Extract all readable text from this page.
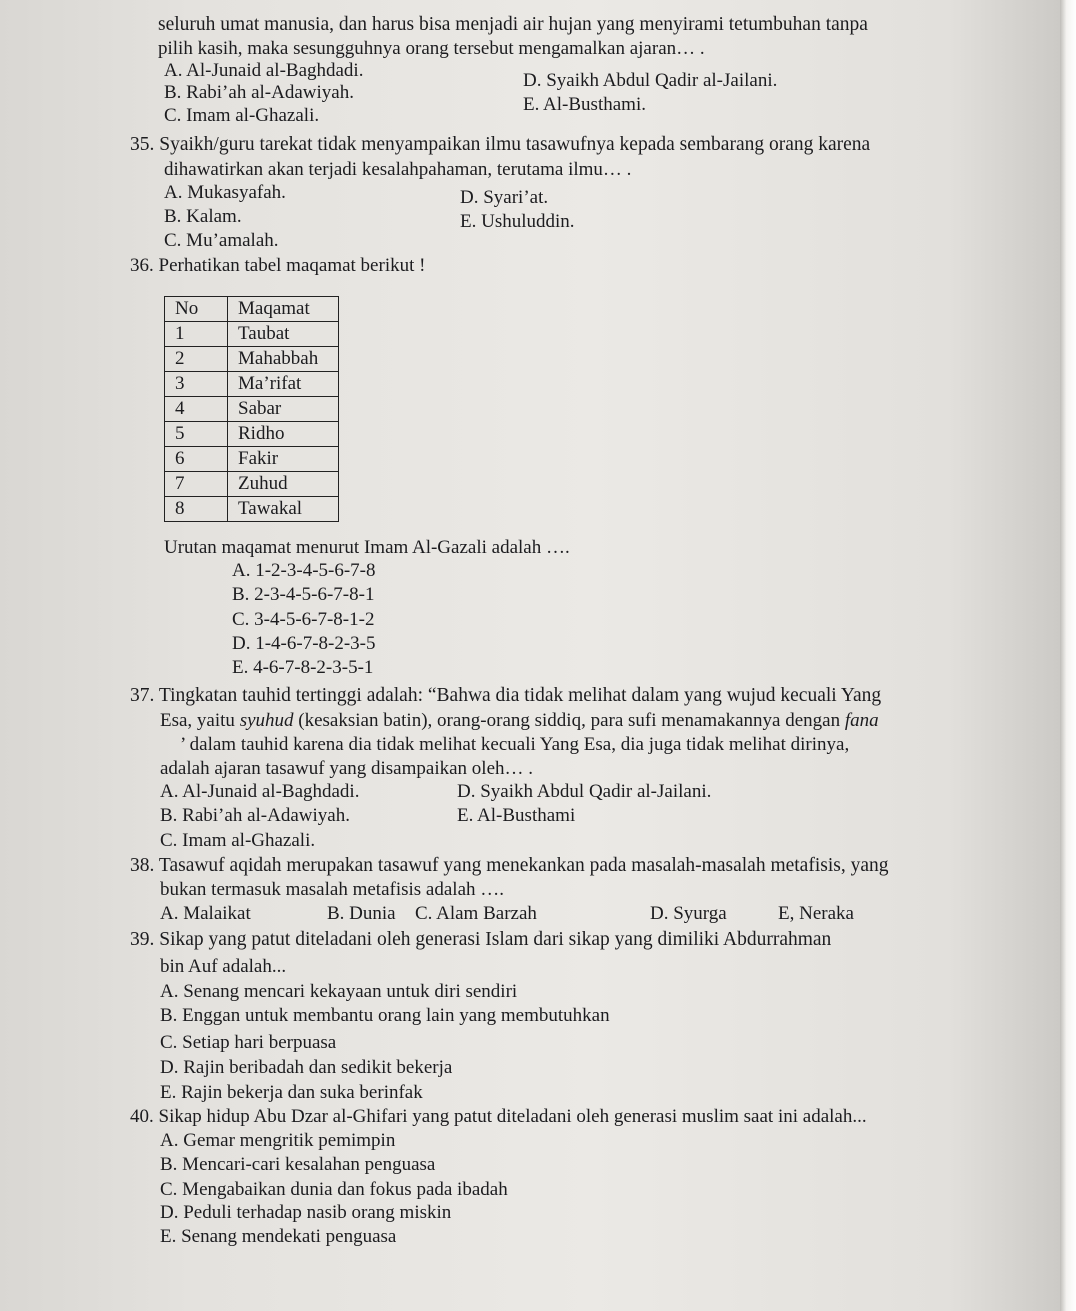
seluruh umat manusia, dan harus bisa menjadi air hujan yang menyirami tetumbuhan tanpa
pilih kasih, maka sesungguhnya orang tersebut mengamalkan ajaran… .
A. Al-Junaid al-Baghdadi.	D. Syaikh Abdul Qadir al-Jailani.
B. Rabi’ah al-Adawiyah.
E. Al-Busthami.
C. Imam al-Ghazali.
35. Syaikh/guru tarekat tidak menyampaikan ilmu tasawufnya kepada sembarang orang karena
dihawatirkan akan terjadi kesalahpahaman, terutama ilmu… .
A. Mukasyafah.	D. Syari’at.
B. Kalam.	E. Ushuluddin.
C. Mu’amalah.
36. Perhatikan tabel maqamat berikut !
No	Maqamat
1	Taubat
2	Mahabbah
3	Ma’rifat
4	Sabar
5	Ridho
6	Fakir
7	Zuhud
8	Tawakal
Urutan maqamat menurut Imam Al-Gazali adalah ….
A. 1-2-3-4-5-6-7-8
B. 2-3-4-5-6-7-8-1
C. 3-4-5-6-7-8-1-2
D. 1-4-6-7-8-2-3-5
E. 4-6-7-8-2-3-5-1
37. Tingkatan tauhid tertinggi adalah: “Bahwa dia tidak melihat dalam yang wujud kecuali Yang
Esa, yaitu syuhud (kesaksian batin), orang-orang siddiq, para sufi menamakannya dengan fana
’ dalam tauhid karena dia tidak melihat kecuali Yang Esa, dia juga tidak melihat dirinya,
adalah ajaran tasawuf yang disampaikan oleh… .
A. Al-Junaid al-Baghdadi.	D. Syaikh Abdul Qadir al-Jailani.
B. Rabi’ah al-Adawiyah.	E. Al-Busthami
C. Imam al-Ghazali.
38. Tasawuf aqidah merupakan tasawuf yang menekankan pada masalah-masalah metafisis, yang
bukan termasuk masalah metafisis adalah ….
A. Malaikat	B. Dunia C. Alam Barzah	D. Syurga	E, Neraka
39. Sikap yang patut diteladani oleh generasi Islam dari sikap yang dimiliki Abdurrahman
bin Auf adalah...
A. Senang mencari kekayaan untuk diri sendiri
B. Enggan untuk membantu orang lain yang membutuhkan
C. Setiap hari berpuasa
D. Rajin beribadah dan sedikit bekerja
E. Rajin bekerja dan suka berinfak
40. Sikap hidup Abu Dzar al-Ghifari yang patut diteladani oleh generasi muslim saat ini adalah...
A. Gemar mengritik pemimpin
B. Mencari-cari kesalahan penguasa
C. Mengabaikan dunia dan fokus pada ibadah
D. Peduli terhadap nasib orang miskin
E. Senang mendekati penguasa
